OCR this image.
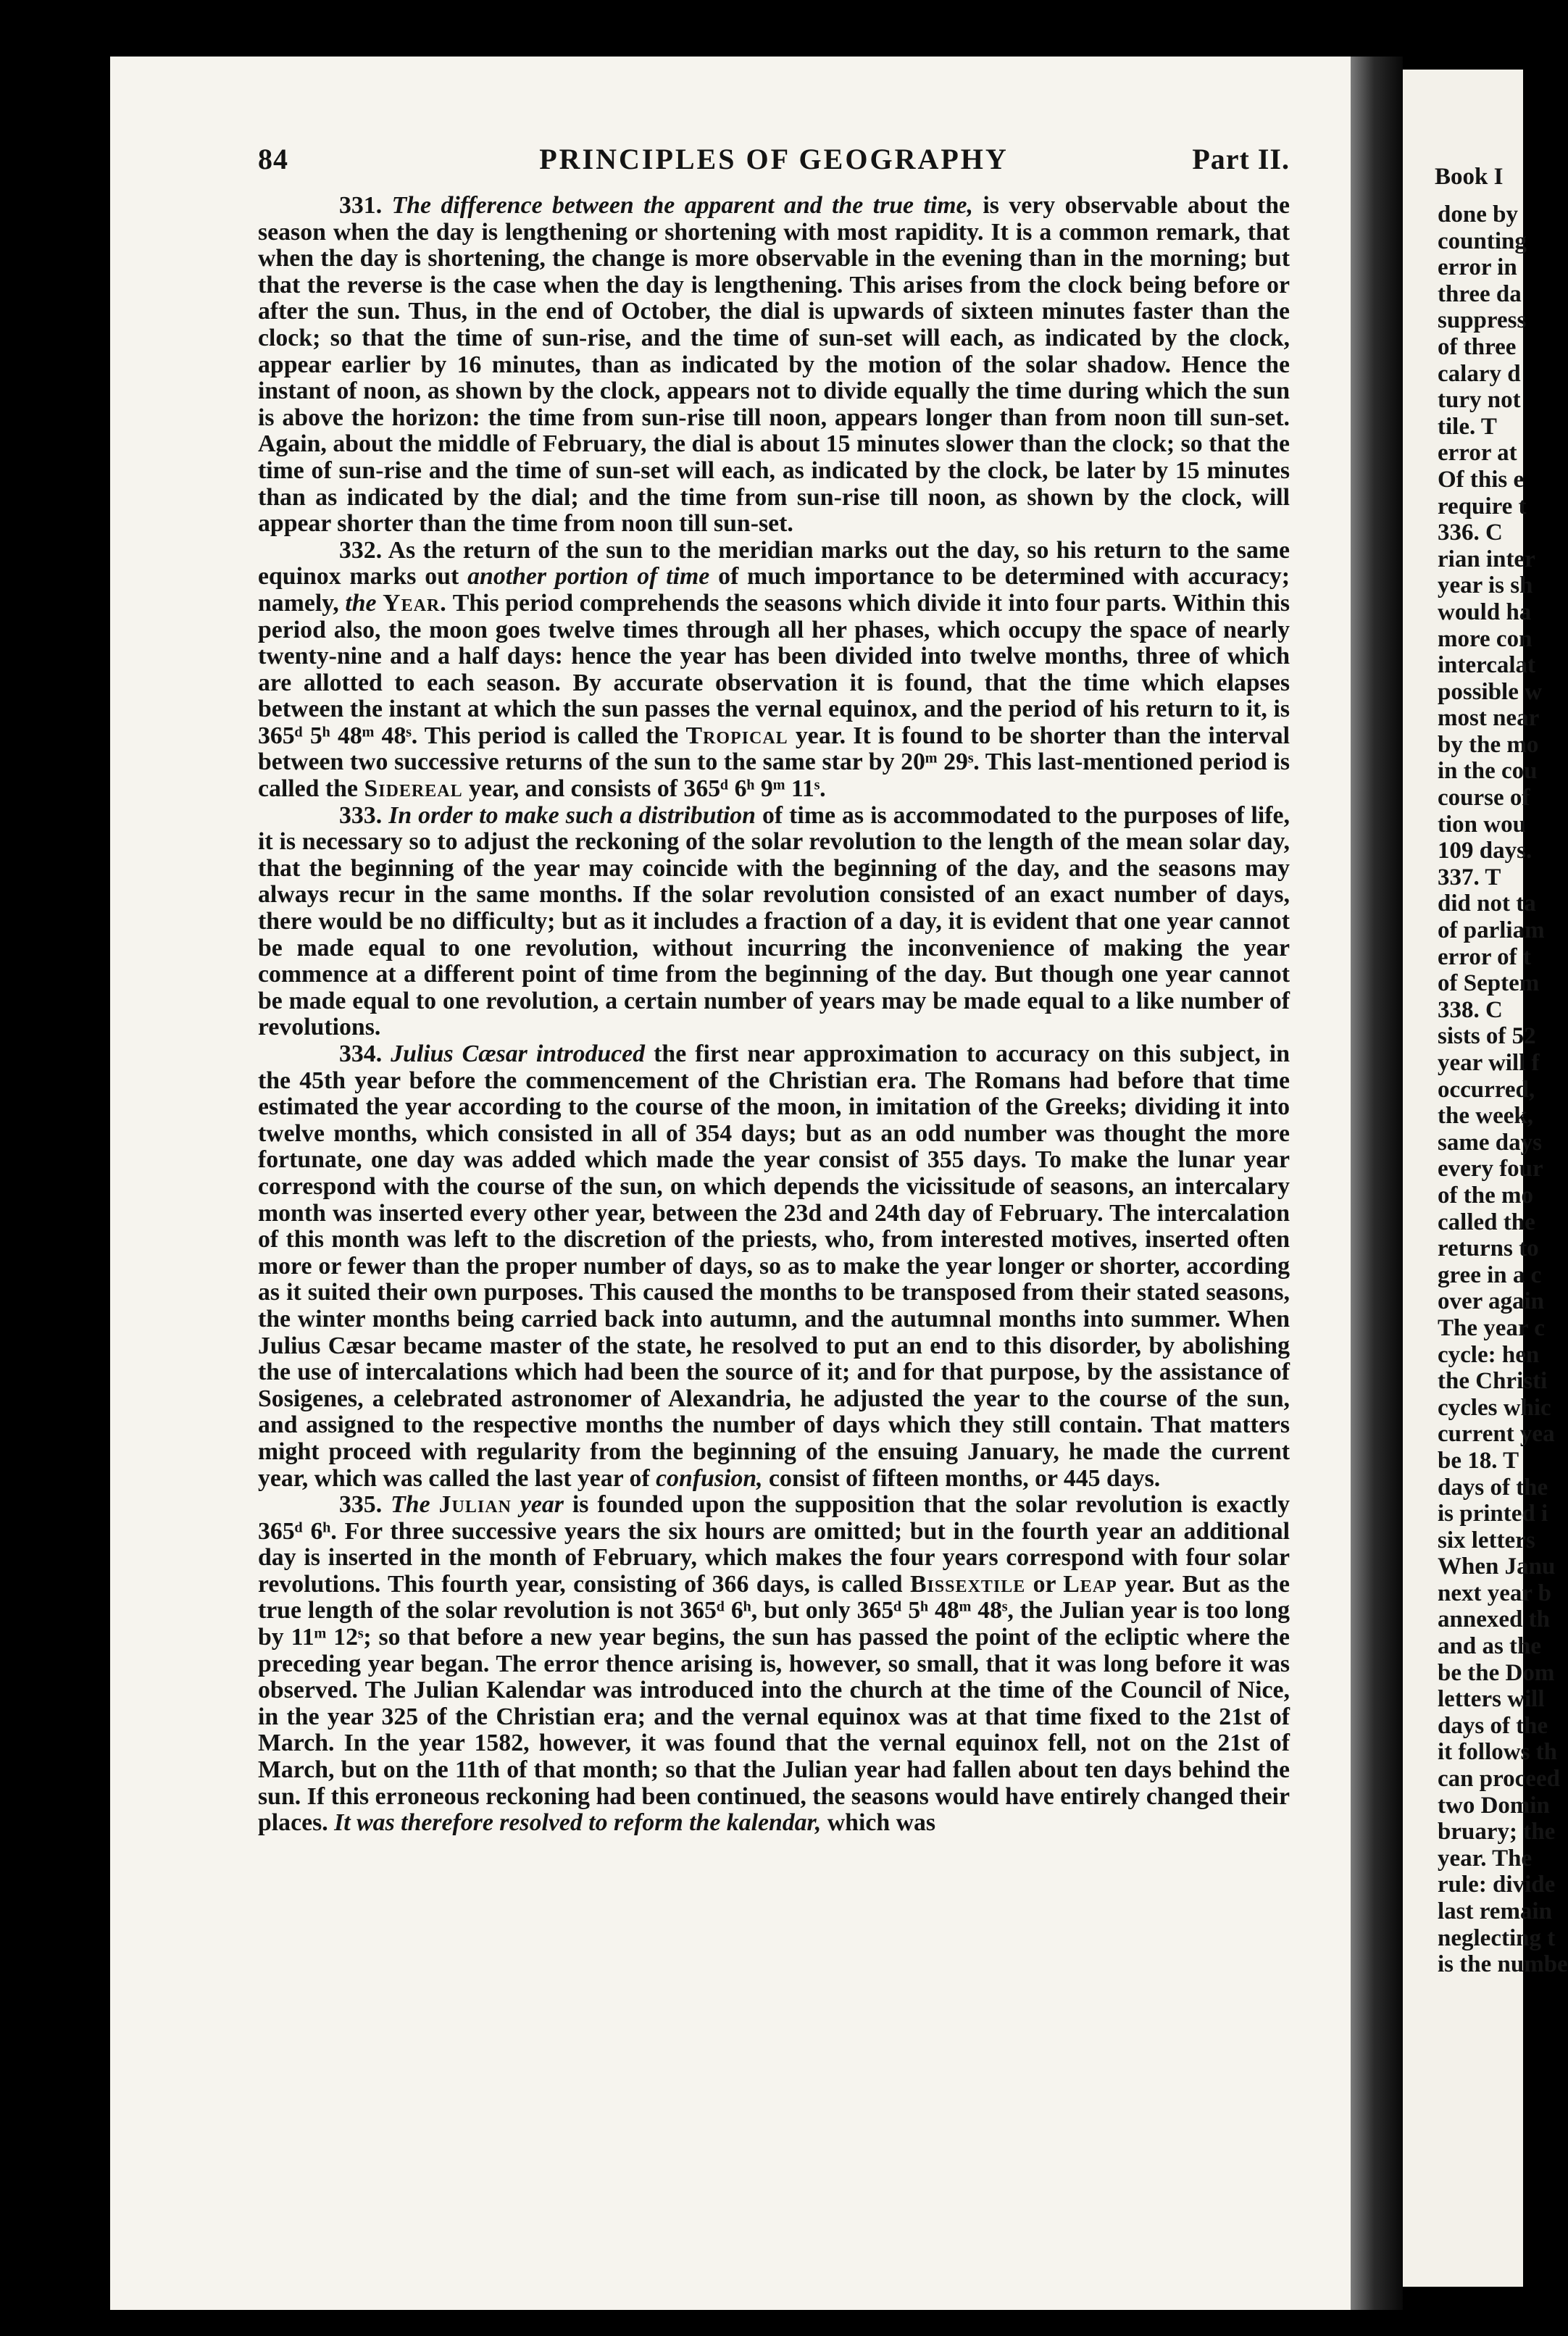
Book I
done by
counting
error in
three da
suppress
of three
calary d
tury not
tile. T
error at
Of this e
require t
336. C
rian inter
year is sh
would ha
more con
intercalat
possible w
most near
by the mo
in the cou
course of
tion wou
109 days.
337. T
did not ta
of parliam
error of t
of Septem
338. C
sists of 52
year will f
occurred,
the week,
same days
every four
of the mo
called the
returns to
gree in a c
over again
The year c
cycle: hen
the Christi
cycles whic
current yea
be 18. T
days of the
is printed i
six letters
When Janu
next year b
annexed th
and as the
be the Dom
letters will
days of the
it follows th
can proceed
two Domin
bruary; the
year. The
rule: divide
last remain
neglecting t
is the numbe
84	PRINCIPLES OF GEOGRAPHY	Part II.

331. The difference between the apparent and the true time, is very observable about the season when the day is lengthening or shortening with most rapidity. It is a common remark, that when the day is shortening, the change is more observable in the evening than in the morning; but that the reverse is the case when the day is lengthening. This arises from the clock being before or after the sun. Thus, in the end of October, the dial is upwards of sixteen minutes faster than the clock; so that the time of sun-rise, and the time of sun-set will each, as indicated by the clock, appear earlier by 16 minutes, than as indicated by the motion of the solar shadow. Hence the instant of noon, as shown by the clock, appears not to divide equally the time during which the sun is above the horizon: the time from sun-rise till noon, appears longer than from noon till sun-set. Again, about the middle of February, the dial is about 15 minutes slower than the clock; so that the time of sun-rise and the time of sun-set will each, as indicated by the clock, be later by 15 minutes than as indicated by the dial; and the time from sun-rise till noon, as shown by the clock, will appear shorter than the time from noon till sun-set.

332. As the return of the sun to the meridian marks out the day, so his return to the same equinox marks out another portion of time of much importance to be determined with accuracy; namely, the Year. This period comprehends the seasons which divide it into four parts. Within this period also, the moon goes twelve times through all her phases, which occupy the space of nearly twenty-nine and a half days: hence the year has been divided into twelve months, three of which are allotted to each season. By accurate observation it is found, that the time which elapses between the instant at which the sun passes the vernal equinox, and the period of his return to it, is 365ᵈ 5ʰ 48ᵐ 48ˢ. This period is called the Tropical year. It is found to be shorter than the interval between two successive returns of the sun to the same star by 20ᵐ 29ˢ. This last-mentioned period is called the Sidereal year, and consists of 365ᵈ 6ʰ 9ᵐ 11ˢ.

333. In order to make such a distribution of time as is accommodated to the purposes of life, it is necessary so to adjust the reckoning of the solar revolution to the length of the mean solar day, that the beginning of the year may coincide with the beginning of the day, and the seasons may always recur in the same months. If the solar revolution consisted of an exact number of days, there would be no difficulty; but as it includes a fraction of a day, it is evident that one year cannot be made equal to one revolution, without incurring the inconvenience of making the year commence at a different point of time from the beginning of the day. But though one year cannot be made equal to one revolution, a certain number of years may be made equal to a like number of revolutions.

334. Julius Cæsar introduced the first near approximation to accuracy on this subject, in the 45th year before the commencement of the Christian era. The Romans had before that time estimated the year according to the course of the moon, in imitation of the Greeks; dividing it into twelve months, which consisted in all of 354 days; but as an odd number was thought the more fortunate, one day was added which made the year consist of 355 days. To make the lunar year correspond with the course of the sun, on which depends the vicissitude of seasons, an intercalary month was inserted every other year, between the 23d and 24th day of February. The intercalation of this month was left to the discretion of the priests, who, from interested motives, inserted often more or fewer than the proper number of days, so as to make the year longer or shorter, according as it suited their own purposes. This caused the months to be transposed from their stated seasons, the winter months being carried back into autumn, and the autumnal months into summer. When Julius Cæsar became master of the state, he resolved to put an end to this disorder, by abolishing the use of intercalations which had been the source of it; and for that purpose, by the assistance of Sosigenes, a celebrated astronomer of Alexandria, he adjusted the year to the course of the sun, and assigned to the respective months the number of days which they still contain. That matters might proceed with regularity from the beginning of the ensuing January, he made the current year, which was called the last year of confusion, consist of fifteen months, or 445 days.

335. The Julian year is founded upon the supposition that the solar revolution is exactly 365ᵈ 6ʰ. For three successive years the six hours are omitted; but in the fourth year an additional day is inserted in the month of February, which makes the four years correspond with four solar revolutions. This fourth year, consisting of 366 days, is called Bissextile or Leap year. But as the true length of the solar revolution is not 365ᵈ 6ʰ, but only 365ᵈ 5ʰ 48ᵐ 48ˢ, the Julian year is too long by 11ᵐ 12ˢ; so that before a new year begins, the sun has passed the point of the ecliptic where the preceding year began. The error thence arising is, however, so small, that it was long before it was observed. The Julian Kalendar was introduced into the church at the time of the Council of Nice, in the year 325 of the Christian era; and the vernal equinox was at that time fixed to the 21st of March. In the year 1582, however, it was found that the vernal equinox fell, not on the 21st of March, but on the 11th of that month; so that the Julian year had fallen about ten days behind the sun. If this erroneous reckoning had been continued, the seasons would have entirely changed their places. It was therefore resolved to reform the kalendar, which was
